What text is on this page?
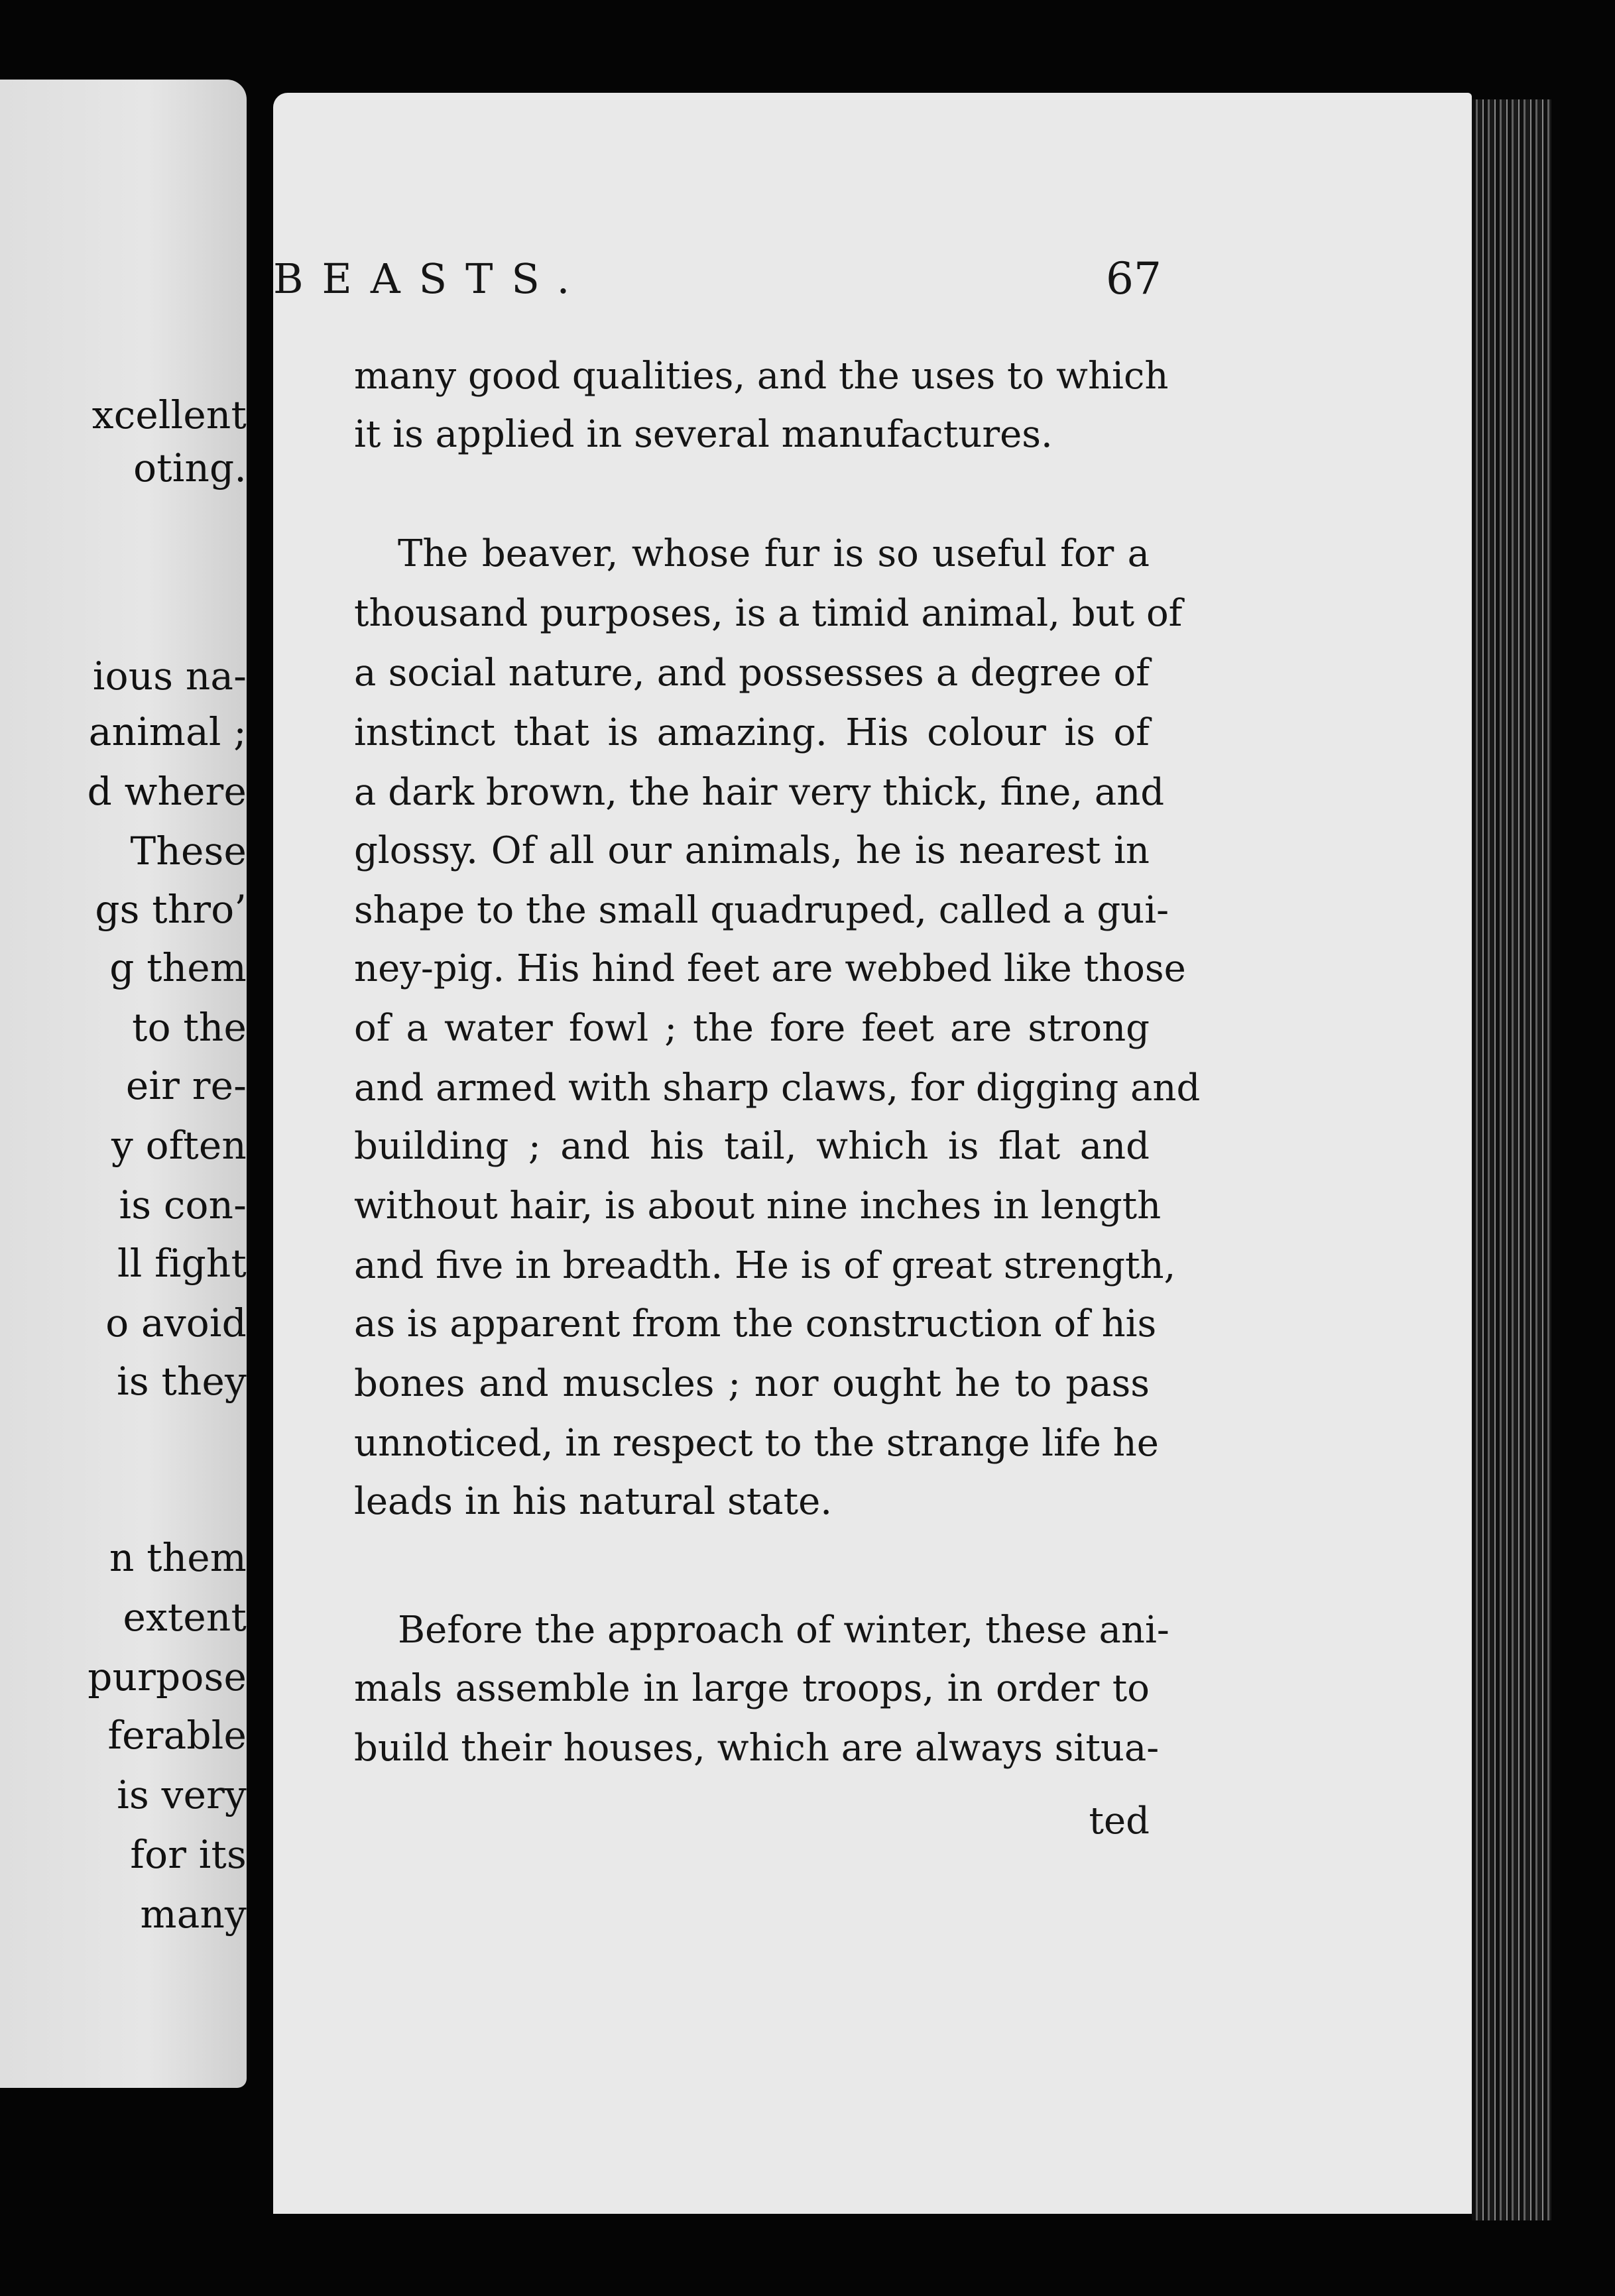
xcellent

oting.

ious na-

animal ;

d where

These

gs thro’

g them

to the

eir re-

y often

is con-

ll fight

o avoid

is they

n them

extent

purpose

ferable

is very

for its

many

BEASTS.	67

many good qualities, and the uses to which

it is applied in several manufactures.

The beaver, whose fur is so useful for a

thousand purposes, is a timid animal, but of

a social nature, and possesses a degree of

instinct that is amazing. His colour is of

a dark brown, the hair very thick, fine, and

glossy. Of all our animals, he is nearest in

shape to the small quadruped, called a gui-

ney-pig. His hind feet are webbed like those

of a water fowl ; the fore feet are strong

and armed with sharp claws, for digging and

building ; and his tail, which is flat and

without hair, is about nine inches in length

and five in breadth. He is of great strength,

as is apparent from the construction of his

bones and muscles ; nor ought he to pass

unnoticed, in respect to the strange life he

leads in his natural state.

Before the approach of winter, these ani-

mals assemble in large troops, in order to

build their houses, which are always situa-

ted
